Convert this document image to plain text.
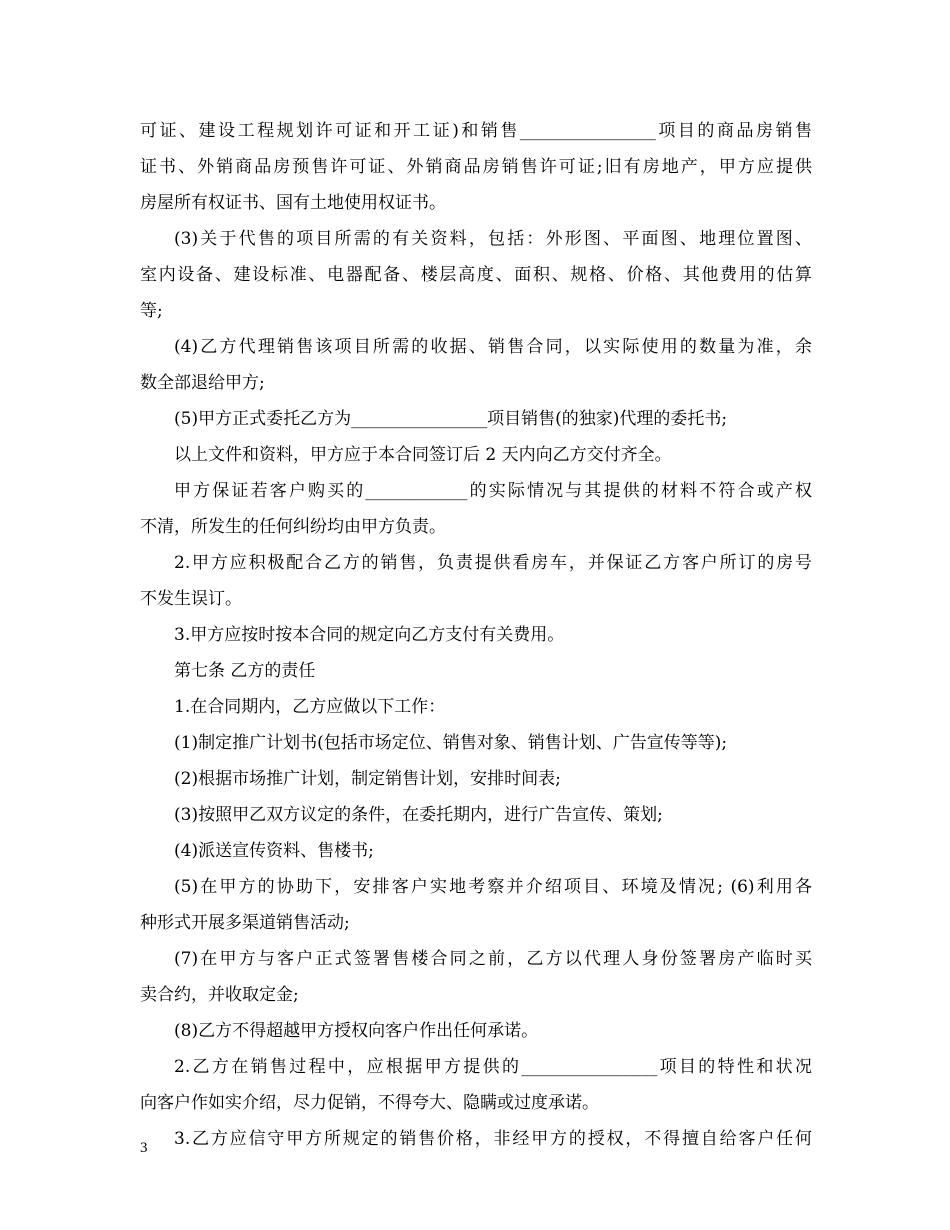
可证、建设工程规划许可证和开工证)和销售________________项目的商品房销售
证书、外销商品房预售许可证、外销商品房销售许可证;旧有房地产，甲方应提供
房屋所有权证书、国有土地使用权证书。
(3)关于代售的项目所需的有关资料，包括：外形图、平面图、地理位置图、
室内设备、建设标准、电器配备、楼层高度、面积、规格、价格、其他费用的估算
等;
(4)乙方代理销售该项目所需的收据、销售合同，以实际使用的数量为准，余
数全部退给甲方;
(5)甲方正式委托乙方为________________项目销售(的独家)代理的委托书;
以上文件和资料，甲方应于本合同签订后 2 天内向乙方交付齐全。
甲方保证若客户购买的____________的实际情况与其提供的材料不符合或产权
不清，所发生的任何纠纷均由甲方负责。
2.甲方应积极配合乙方的销售，负责提供看房车，并保证乙方客户所订的房号
不发生误订。
3.甲方应按时按本合同的规定向乙方支付有关费用。
第七条 乙方的责任
1.在合同期内，乙方应做以下工作：
(1)制定推广计划书(包括市场定位、销售对象、销售计划、广告宣传等等);
(2)根据市场推广计划，制定销售计划，安排时间表;
(3)按照甲乙双方议定的条件，在委托期内，进行广告宣传、策划;
(4)派送宣传资料、售楼书;
(5)在甲方的协助下，安排客户实地考察并介绍项目、环境及情况; (6)利用各
种形式开展多渠道销售活动;
(7)在甲方与客户正式签署售楼合同之前，乙方以代理人身份签署房产临时买
卖合约，并收取定金;
(8)乙方不得超越甲方授权向客户作出任何承诺。
2.乙方在销售过程中，应根据甲方提供的________________项目的特性和状况
向客户作如实介绍，尽力促销，不得夸大、隐瞒或过度承诺。
3.乙方应信守甲方所规定的销售价格，非经甲方的授权，不得擅自给客户任何
3
